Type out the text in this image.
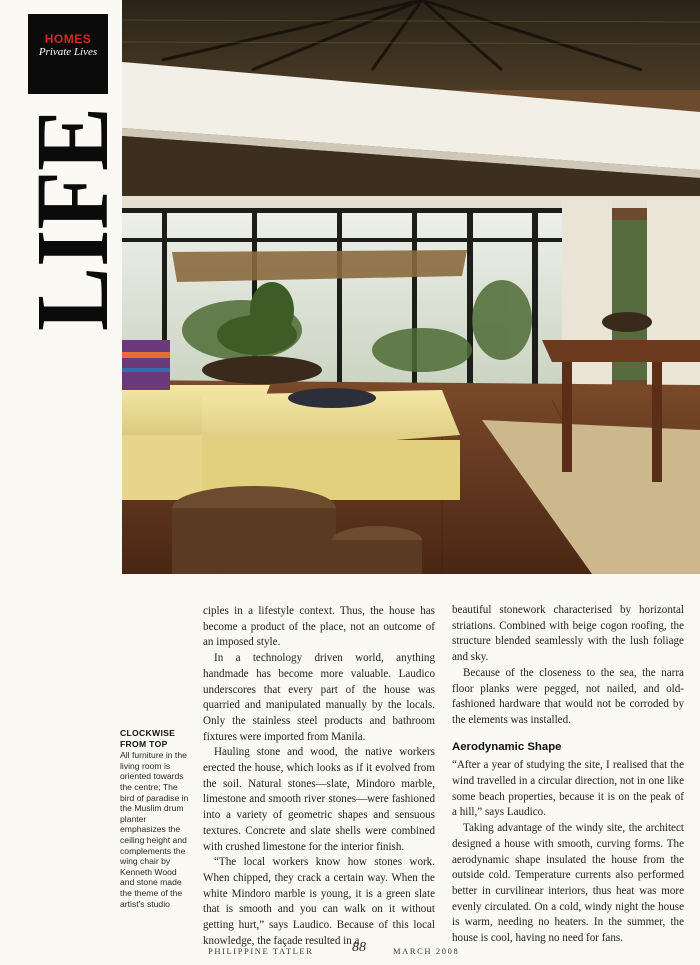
HOMES
Private Lives
LIFE

CLOCKWISE FROM TOP

All furniture in the living room is oriented towards the centre; The bird of paradise in the Muslim drum planter emphasizes the ceiling height and complements the wing chair by Kenneth Wood and stone made the theme of the artist's studio

ciples in a lifestyle context. Thus, the house has become a product of the place, not an outcome of an imposed style.

In a technology driven world, anything handmade has become more valuable. Laudico underscores that every part of the house was quarried and manipulated manually by the locals. Only the stainless steel products and bathroom fixtures were imported from Manila.

Hauling stone and wood, the native workers erected the house, which looks as if it evolved from the soil. Natural stones—slate, Mindoro marble, limestone and smooth river stones—were fashioned into a variety of geometric shapes and sensuous textures. Concrete and slate shells were combined with crushed limestone for the interior finish.

“The local workers know how stones work. When chipped, they crack a certain way. When the white Mindoro marble is young, it is a green slate that is smooth and you can walk on it without getting hurt,” says Laudico. Because of this local knowledge, the façade resulted in a

beautiful stonework characterised by horizontal striations. Combined with beige cogon roofing, the structure blended seamlessly with the lush foliage and sky.

Because of the closeness to the sea, the narra floor planks were pegged, not nailed, and old-fashioned hardware that would not be corroded by the elements was installed.

Aerodynamic Shape

“After a year of studying the site, I realised that the wind travelled in a circular direction, not in one like some beach properties, because it is on the peak of a hill,” says Laudico.

Taking advantage of the windy site, the architect designed a house with smooth, curving forms. The aerodynamic shape insulated the house from the outside cold. Temperature currents also performed better in curvilinear interiors, thus heat was more evenly circulated. On a cold, windy night the house is warm, needing no heaters. In the summer, the house is cool, having no need for fans.

PHILIPPINE TATLER	88	MARCH 2008
